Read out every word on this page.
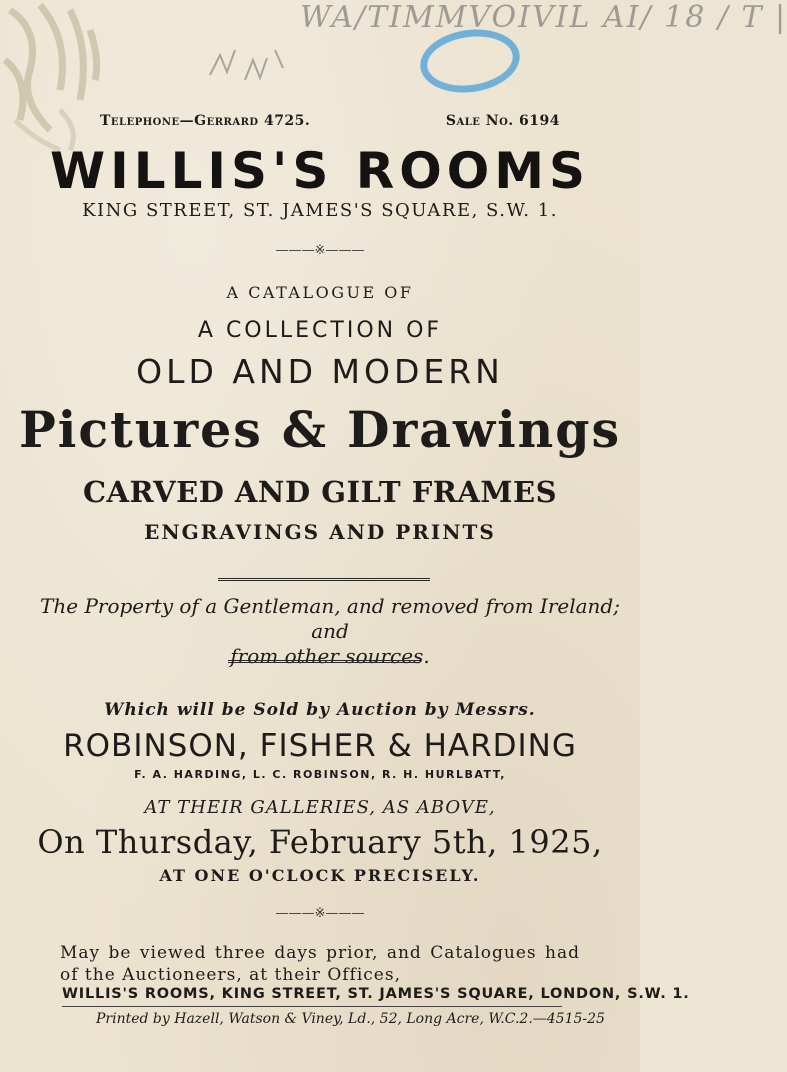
WA/TIMMVOIVIL AI/ 18 / T |
Telephone—Gerrard 4725.	Sale No. 6194
WILLIS'S ROOMS
KING STREET, ST. JAMES'S SQUARE, S.W. 1.
———※———
A CATALOGUE OF
A COLLECTION OF
OLD AND MODERN
Pictures & Drawings
CARVED AND GILT FRAMES
ENGRAVINGS AND PRINTS
The Property of a Gentleman, and removed from Ireland; and
from other sources.
Which will be Sold by Auction by Messrs.
ROBINSON, FISHER & HARDING
F. A. HARDING, L. C. ROBINSON, R. H. HURLBATT,
AT THEIR GALLERIES, AS ABOVE,
On Thursday, February 5th, 1925,
AT ONE O'CLOCK PRECISELY.
———※———
May be viewed three days prior, and Catalogues had of the Auctioneers, at their Offices,
WILLIS'S ROOMS, KING STREET, ST. JAMES'S SQUARE, LONDON, S.W. 1.
Printed by Hazell, Watson & Viney, Ld., 52, Long Acre, W.C.2.—4515-25
